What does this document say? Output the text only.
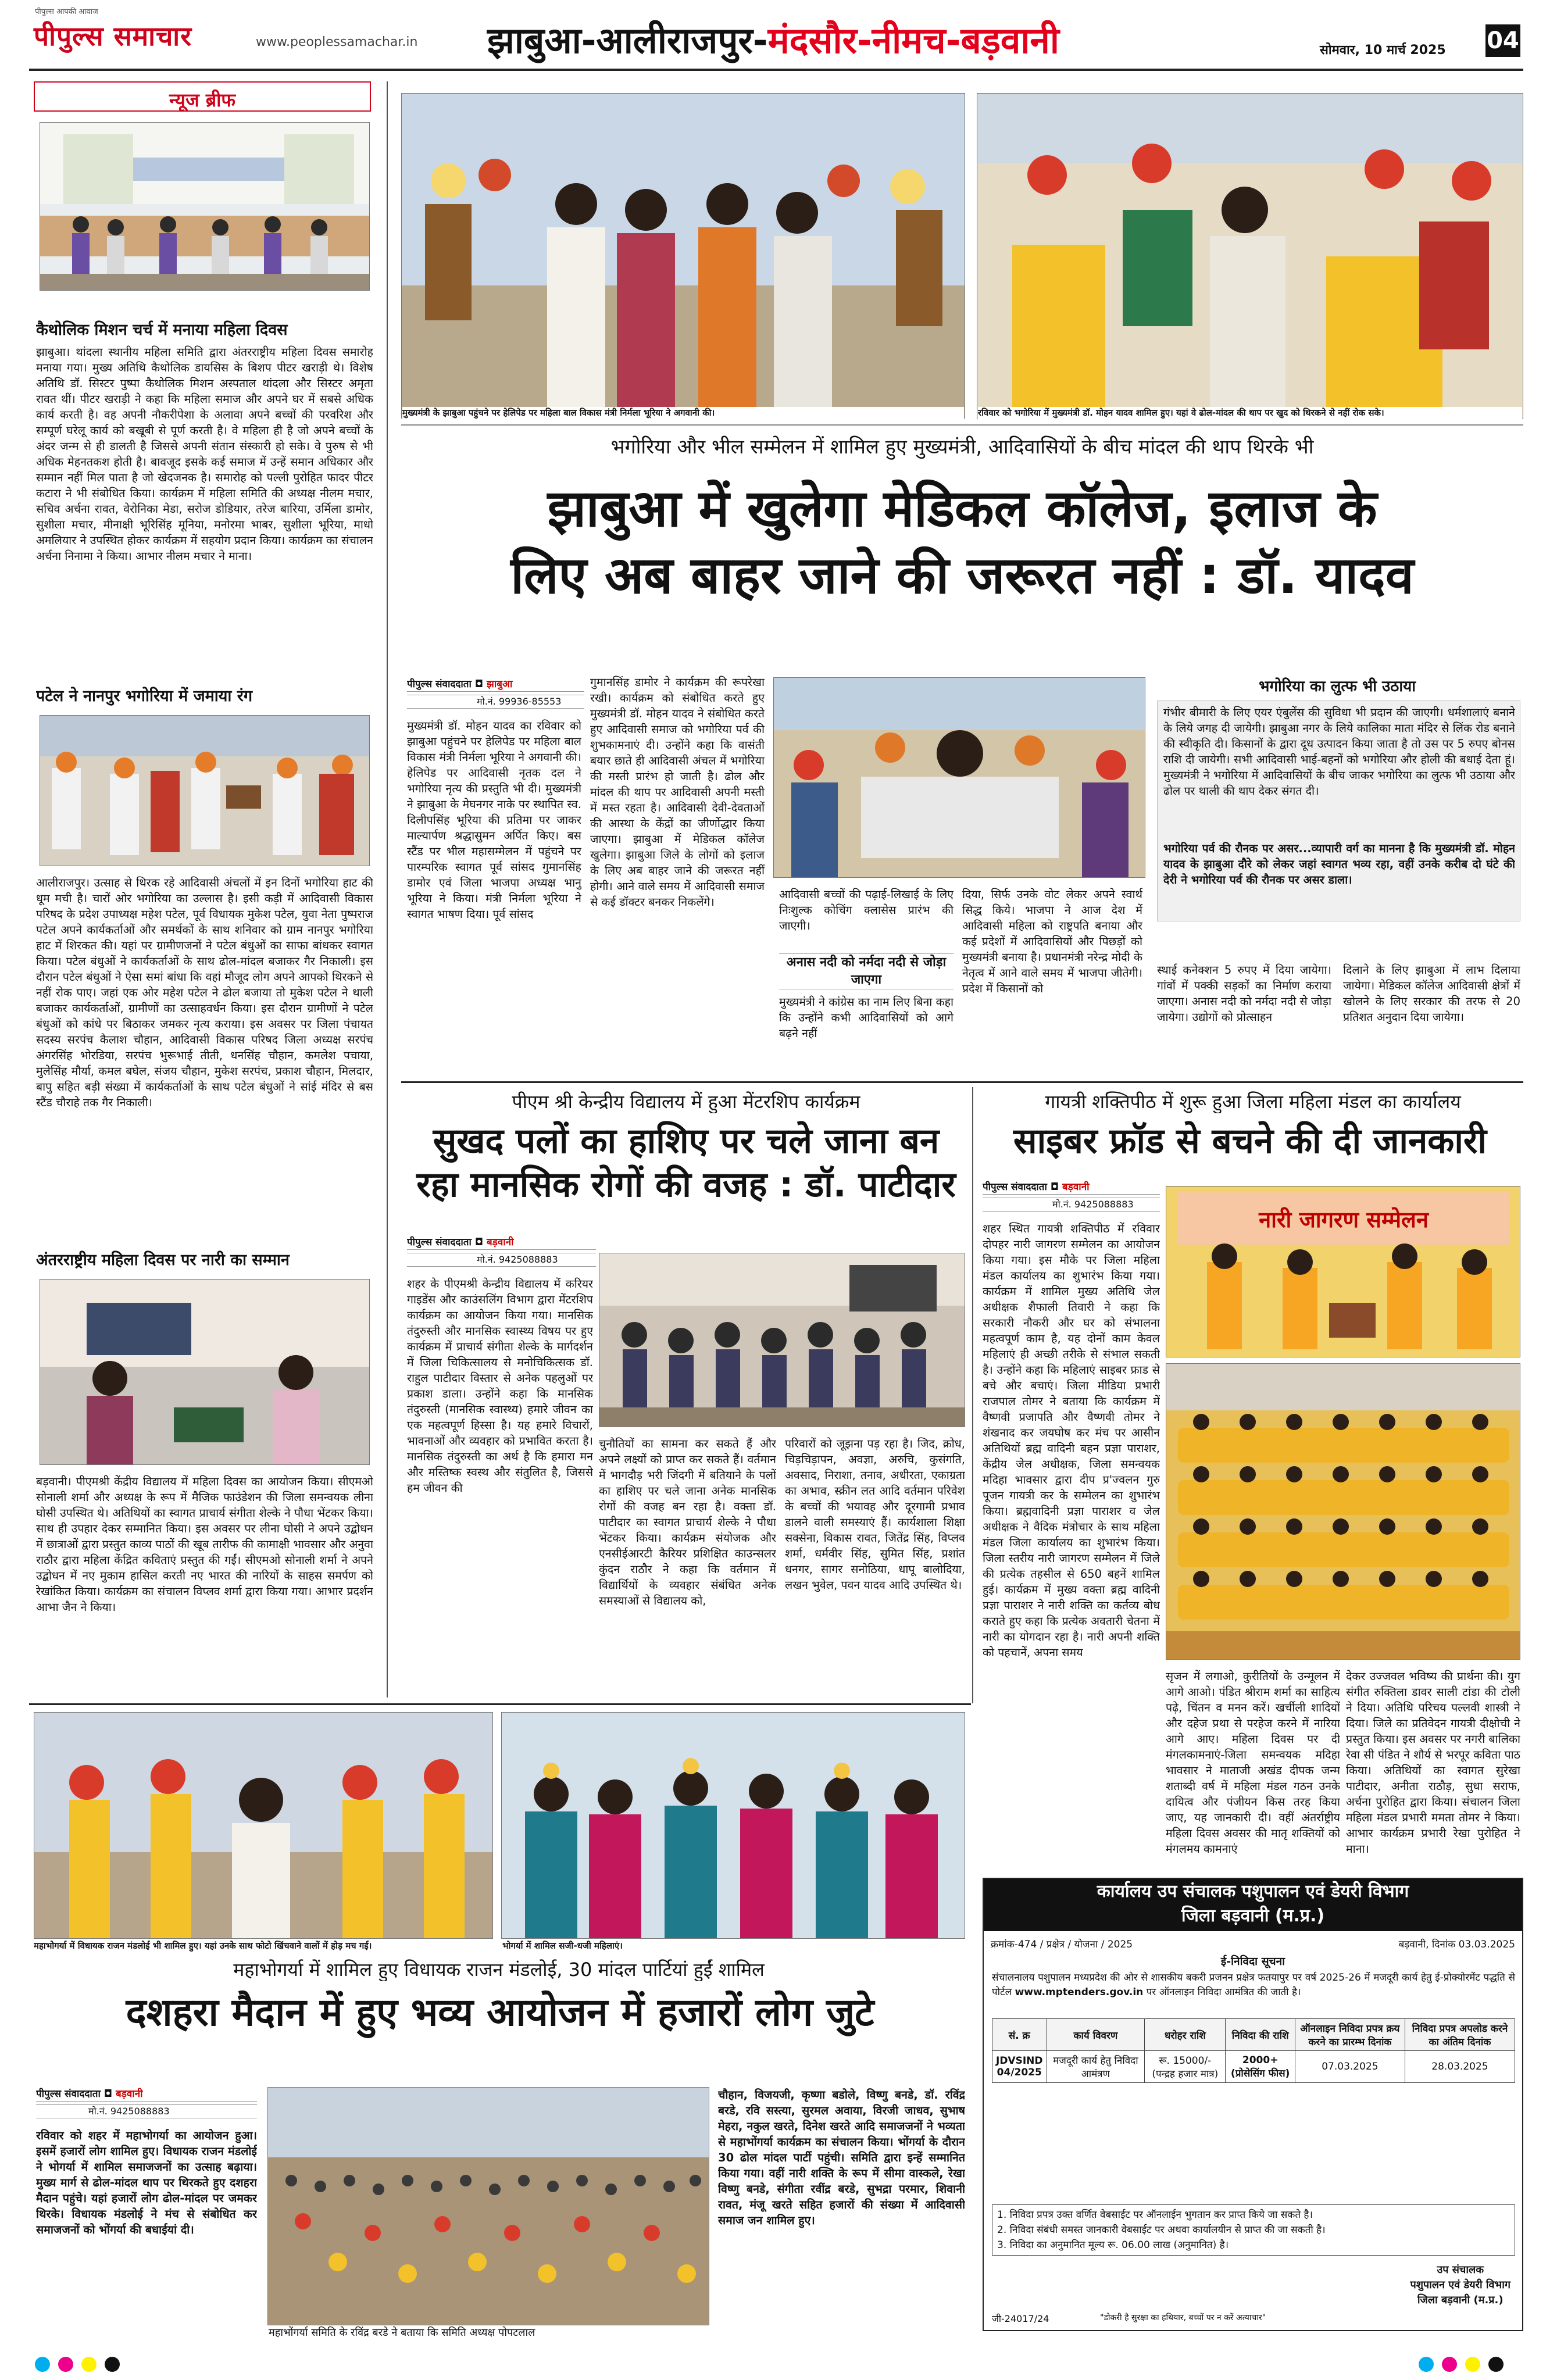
पीपुल्स आपकी आवाज
पीपुल्स समाचार	www.peoplessamachar.in झाबुआ-आलीराजपुर-मंदसौर-नीमच-बड़वानी	सोमवार, 10 मार्च 2025 04
न्यूज ब्रीफ
कैथोलिक मिशन चर्च में मनाया महिला दिवस
झाबुआ। थांदला स्थानीय महिला समिति द्वारा अंतरराष्ट्रीय महिला दिवस समारोह मनाया गया। मुख्य अतिथि कैथोलिक डायसिस के बिशप पीटर खराड़ी थे। विशेष अतिथि डॉ. सिस्टर पुष्पा कैथोलिक मिशन अस्पताल थांदला और सिस्टर अमृता रावत थीं। पीटर खराड़ी ने कहा कि महिला समाज और अपने घर में सबसे अधिक कार्य करती है। वह अपनी नौकरीपेशा के अलावा अपने बच्चों की परवरिश और सम्पूर्ण घरेलू कार्य को बखूबी से पूर्ण करती है। वे महिला ही है जो अपने बच्चों के अंदर जन्म से ही डालती है जिससे अपनी संतान संस्कारी हो सके। वे पुरुष से भी अधिक मेहनतकश होती है। बावजूद इसके कई समाज में उन्हें समान अधिकार और सम्मान नहीं मिल पाता है जो खेदजनक है। समारोह को पल्ली पुरोहित फादर पीटर कटारा ने भी संबोधित किया। कार्यक्रम में महिला समिति की अध्यक्ष नीलम मचार, सचिव अर्चना रावत, वेरोनिका मेडा, सरोज डोडियार, तरेज बारिया, उर्मिला डामोर, सुशीला मचार, मीनाक्षी भूरिसिंह मूनिया, मनोरमा भाबर, सुशीला भूरिया, माधो अमलियार ने उपस्थित होकर कार्यक्रम में सहयोग प्रदान किया। कार्यक्रम का संचालन अर्चना निनामा ने किया। आभार नीलम मचार ने माना।
पटेल ने नानपुर भगोरिया में जमाया रंग
आलीराजपुर। उत्साह से थिरक रहे आदिवासी अंचलों में इन दिनों भगोरिया हाट की धूम मची है। चारों ओर भगोरिया का उल्लास है। इसी कड़ी में आदिवासी विकास परिषद के प्रदेश उपाध्यक्ष महेश पटेल, पूर्व विधायक मुकेश पटेल, युवा नेता पुष्पराज पटेल अपने कार्यकर्ताओं और समर्थकों के साथ शनिवार को ग्राम नानपुर भगोरिया हाट में शिरकत की। यहां पर ग्रामीणजनों ने पटेल बंधुओं का साफा बांधकर स्वागत किया। पटेल बंधुओं ने कार्यकर्ताओं के साथ ढोल-मांदल बजाकर गैर निकाली। इस दौरान पटेल बंधुओं ने ऐसा समां बांधा कि वहां मौजूद लोग अपने आपको थिरकने से नहीं रोक पाए। जहां एक ओर महेश पटेल ने ढोल बजाया तो मुकेश पटेल ने थाली बजाकर कार्यकर्ताओं, ग्रामीणों का उत्साहवर्धन किया। इस दौरान ग्रामीणों ने पटेल बंधुओं को कांधे पर बिठाकर जमकर नृत्य कराया। इस अवसर पर जिला पंचायत सदस्य सरपंच कैलाश चौहान, आदिवासी विकास परिषद जिला अध्यक्ष सरपंच अंगरसिंह भोरडिया, सरपंच भुरूभाई तीती, धनसिंह चौहान, कमलेश पचाया, मुलेसिंह मौर्या, कमल बघेल, संजय चौहान, मुकेश सरपंच, प्रकाश चौहान, मिलदार, बापु सहित बड़ी संख्या में कार्यकर्ताओं के साथ पटेल बंधुओं ने सांई मंदिर से बस स्टैंड चौराहे तक गैर निकाली।
अंतरराष्ट्रीय महिला दिवस पर नारी का सम्मान
बड़वानी। पीएमश्री केंद्रीय विद्यालय में महिला दिवस का आयोजन किया। सीएमओ सोनाली शर्मा और अध्यक्ष के रूप में मैजिक फाउंडेशन की जिला समन्वयक लीना घोसी उपस्थित थे। अतिथियों का स्वागत प्राचार्य संगीता शेल्के ने पौधा भेंटकर किया। साथ ही उपहार देकर सम्मानित किया। इस अवसर पर लीना घोसी ने अपने उद्बोधन में छात्राओं द्वारा प्रस्तुत काव्य पाठों की खूब तारीफ की कामाक्षी भावसार और अनुवा राठौर द्वारा महिला केंद्रित कविताएं प्रस्तुत की गईं। सीएमओ सोनाली शर्मा ने अपने उद्बोधन में नए मुकाम हासिल करती नए भारत की नारियों के साहस समर्पण को रेखांकित किया। कार्यक्रम का संचालन विप्लव शर्मा द्वारा किया गया। आभार प्रदर्शन आभा जैन ने किया।
मुख्यमंत्री के झाबुआ पहुंचने पर हेलिपेड पर महिला बाल विकास मंत्री निर्मला भूरिया ने अगवानी की।	रविवार को भगोरिया में मुख्यमंत्री डॉ. मोहन यादव शामिल हुए। यहां वे ढोल-मांदल की थाप पर खुद को थिरकने से नहीं रोक सके।
भगोरिया और भील सम्मेलन में शामिल हुए मुख्यमंत्री, आदिवासियों के बीच मांदल की थाप थिरके भी
झाबुआ में खुलेगा मेडिकल कॉलेज, इलाज के
लिए अब बाहर जाने की जरूरत नहीं : डॉ. यादव
पीपुल्स संवाददाता ◘ झाबुआ
मो.नं. 99936-85553
मुख्यमंत्री डॉ. मोहन यादव का रविवार को झाबुआ पहुंचने पर हेलिपेड पर महिला बाल विकास मंत्री निर्मला भूरिया ने अगवानी की। हेलिपेड पर आदिवासी नृतक दल ने भगोरिया नृत्य की प्रस्तुति भी दी। मुख्यमंत्री ने झाबुआ के मेघनगर नाके पर स्थापित स्व. दिलीपसिंह भूरिया की प्रतिमा पर जाकर माल्यार्पण श्रद्धासुमन अर्पित किए। बस स्टैंड पर भील महासम्मेलन में पहुंचने पर पारम्परिक स्वागत पूर्व सांसद गुमानसिंह डामोर एवं जिला भाजपा अध्यक्ष भानु भूरिया ने किया। मंत्री निर्मला भूरिया ने स्वागत भाषण दिया। पूर्व सांसद
गुमानसिंह डामोर ने कार्यक्रम की रूपरेखा रखी। कार्यक्रम को संबोधित करते हुए मुख्यमंत्री डॉ. मोहन यादव ने संबोधित करते हुए आदिवासी समाज को भगोरिया पर्व की शुभकामनाएं दी। उन्होंने कहा कि वासंती बयार छाते ही आदिवासी अंचल में भगोरिया की मस्ती प्रारंभ हो जाती है। ढोल और मांदल की थाप पर आदिवासी अपनी मस्ती में मस्त रहता है। आदिवासी देवी-देवताओं की आस्था के केंद्रों का जीर्णोद्धार किया जाएगा। झाबुआ में मेडिकल कॉलेज खुलेगा। झाबुआ जिले के लोगों को इलाज के लिए अब बाहर जाने की जरूरत नहीं होगी। आने वाले समय में आदिवासी समाज से कई डॉक्टर बनकर निकलेंगे।
आदिवासी बच्चों की पढ़ाई-लिखाई के लिए निःशुल्क कोचिंग क्लासेस प्रारंभ की जाएगी।
अनास नदी को नर्मदा नदी से जोड़ा जाएगा
मुख्यमंत्री ने कांग्रेस का नाम लिए बिना कहा कि उन्होंने कभी आदिवासियों को आगे बढ़ने नहीं
दिया, सिर्फ उनके वोट लेकर अपने स्वार्थ सिद्ध किये। भाजपा ने आज देश में आदिवासी महिला को राष्ट्रपति बनाया और कई प्रदेशों में आदिवासियों और पिछड़ों को मुख्यमंत्री बनाया है। प्रधानमंत्री नरेन्द्र मोदी के नेतृत्व में आने वाले समय में भाजपा जीतेगी। प्रदेश में किसानों को
भगोरिया का लुत्फ भी उठाया
गंभीर बीमारी के लिए एयर एंबुलेंस की सुविधा भी प्रदान की जाएगी। धर्मशालाएं बनाने के लिये जगह दी जायेगी। झाबुआ नगर के लिये कालिका माता मंदिर से लिंक रोड बनाने की स्वीकृति दी। किसानों के द्वारा दूध उत्पादन किया जाता है तो उस पर 5 रुपए बोनस राशि दी जायेगी। सभी आदिवासी भाई-बहनों को भगोरिया और होली की बधाई देता हूं। मुख्यमंत्री ने भगोरिया में आदिवासियों के बीच जाकर भगोरिया का लुत्फ भी उठाया और ढोल पर थाली की थाप देकर संगत दी।
भगोरिया पर्व की रौनक पर असर...व्यापारी वर्ग का मानना है कि मुख्यमंत्री डॉ. मोहन यादव के झाबुआ दौरे को लेकर जहां स्वागत भव्य रहा, वहीं उनके करीब दो घंटे की देरी ने भगोरिया पर्व की रौनक पर असर डाला।
स्थाई कनेक्शन 5 रुपए में दिया जायेगा। गांवों में पक्की सड़कों का निर्माण कराया जाएगा। अनास नदी को नर्मदा नदी से जोड़ा जायेगा। उद्योगों को प्रोत्साहन
दिलाने के लिए झाबुआ में लाभ दिलाया जायेगा। मेडिकल कॉलेज आदिवासी क्षेत्रों में खोलने के लिए सरकार की तरफ से 20 प्रतिशत अनुदान दिया जायेगा।
पीएम श्री केन्द्रीय विद्यालय में हुआ मेंटरशिप कार्यक्रम
सुखद पलों का हाशिए पर चले जाना बन
रहा मानसिक रोगों की वजह : डॉ. पाटीदार
पीपुल्स संवाददाता ◘ बड़वानी
मो.नं. 9425088883
शहर के पीएमश्री केन्द्रीय विद्यालय में करियर गाइडेंस और काउंसलिंग विभाग द्वारा मेंटरशिप कार्यक्रम का आयोजन किया गया। मानसिक तंदुरुस्ती और मानसिक स्वास्थ्य विषय पर हुए कार्यक्रम में प्राचार्य संगीता शेल्के के मार्गदर्शन में जिला चिकित्सालय से मनोचिकित्सक डॉ. राहुल पाटीदार विस्तार से अनेक पहलुओं पर प्रकाश डाला। उन्होंने कहा कि मानसिक तंदुरुस्ती (मानसिक स्वास्थ्य) हमारे जीवन का एक महत्वपूर्ण हिस्सा है। यह हमारे विचारों, भावनाओं और व्यवहार को प्रभावित करता है। मानसिक तंदुरुस्ती का अर्थ है कि हमारा मन और मस्तिष्क स्वस्थ और संतुलित है, जिससे हम जीवन की
चुनौतियों का सामना कर सकते हैं और अपने लक्ष्यों को प्राप्त कर सकते हैं। वर्तमान में भागदौड़ भरी जिंदगी में बतियाने के पलों का हाशिए पर चले जाना अनेक मानसिक रोगों की वजह बन रहा है। वक्ता डॉ. पाटीदार का स्वागत प्राचार्य शेल्के ने पौधा भेंटकर किया। कार्यक्रम संयोजक और एनसीईआरटी कैरियर प्रशिक्षित काउन्सलर कुंदन राठौर ने कहा कि वर्तमान में विद्यार्थियों के व्यवहार संबंधित अनेक समस्याओं से विद्यालय को,
परिवारों को जूझना पड़ रहा है। जिद, क्रोध, चिड़चिड़ापन, अवज्ञा, अरुचि, कुसंगति, अवसाद, निराशा, तनाव, अधीरता, एकाग्रता का अभाव, स्क्रीन लत आदि वर्तमान परिवेश के बच्चों की भयावह और दूरगामी प्रभाव डालने वाली समस्याएं हैं। कार्यशाला शिक्षा सक्सेना, विकास रावत, जितेंद्र सिंह, विप्लव शर्मा, धर्मवीर सिंह, सुमित सिंह, प्रशांत धनगर, सागर सनोठिया, धापू बालोदिया, लखन भुवेल, पवन यादव आदि उपस्थित थे।
गायत्री शक्तिपीठ में शुरू हुआ जिला महिला मंडल का कार्यालय
साइबर फ्रॉड से बचने की दी जानकारी
पीपुल्स संवाददाता ◘ बड़वानी
मो.नं. 9425088883
शहर स्थित गायत्री शक्तिपीठ में रविवार दोपहर नारी जागरण सम्मेलन का आयोजन किया गया। इस मौके पर जिला महिला मंडल कार्यालय का शुभारंभ किया गया। कार्यक्रम में शामिल मुख्य अतिथि जेल अधीक्षक शैफाली तिवारी ने कहा कि सरकारी नौकरी और घर को संभालना महत्वपूर्ण काम है, यह दोनों काम केवल महिलाएं ही अच्छी तरीके से संभाल सकती है। उन्होंने कहा कि महिलाएं साइबर फ्राड से बचे और बचाएं। जिला मीडिया प्रभारी राजपाल तोमर ने बताया कि कार्यक्रम में वैष्णवी प्रजापति और वैष्णवी तोमर ने शंखनाद कर जयघोष कर मंच पर आसीन अतिथियों ब्रह्म वादिनी बहन प्रज्ञा पाराशर, केंद्रीय जेल अधीक्षक, जिला समन्वयक मदिहा भावसार द्वारा दीप प्र'ज्वलन गुरु पूजन गायत्री कर के सम्मेलन का शुभारंभ किया। ब्रह्मवादिनी प्रज्ञा पाराशर व जेल अधीक्षक ने वैदिक मंत्रोचार के साथ महिला मंडल जिला कार्यालय का शुभारंभ किया। जिला स्तरीय नारी जागरण सम्मेलन में जिले की प्रत्येक तहसील से 650 बहनें शामिल हुई। कार्यक्रम में मुख्य वक्ता ब्रह्म वादिनी प्रज्ञा पाराशर ने नारी शक्ति का कर्तव्य बोध कराते हुए कहा कि प्रत्येक अवतारी चेतना में नारी का योगदान रहा है। नारी अपनी शक्ति को पहचानें, अपना समय
नारी जागरण सम्मेलन
सृजन में लगाओ, कुरीतियों के उन्मूलन में आगे आओ। पंडित श्रीराम शर्मा का साहित्य पढ़े, चिंतन व मनन करें। खर्चीली शादियों और दहेज प्रथा से परहेज करने में नारिया आगे आए। महिला दिवस पर दी मंगलकामनाएं-जिला समन्वयक मदिहा भावसार ने माताजी अखंड दीपक जन्म शताब्दी वर्ष में महिला मंडल गठन उनके दायित्व और पंजीयन किस तरह किया जाए, यह जानकारी दी। वहीं अंतर्राष्ट्रीय महिला दिवस अवसर की मातृ शक्तियों को मंगलमय कामनाएं
देकर उज्जवल भविष्य की प्रार्थना की। युग संगीत रुक्तिला डावर साली टांडा की टोली ने दिया। अतिथि परिचय पल्लवी शास्त्री ने दिया। जिले का प्रतिवेदन गायत्री दीक्षोची ने प्रस्तुत किया। इस अवसर पर नगरी बालिका रेवा सी पंडित ने शौर्य से भरपूर कविता पाठ किया। अतिथियों का स्वागत सुरेखा पाटीदार, अनीता राठौड़, सुधा सराफ, अर्चना पुरोहित द्वारा किया। संचालन जिला महिला मंडल प्रभारी ममता तोमर ने किया। आभार कार्यक्रम प्रभारी रेखा पुरोहित ने माना।
महाभोगर्या में विधायक राजन मंडलोई भी शामिल हुए। यहां उनके साथ फोटो खिंचवाने वालों में होड़ मच गई।	भोगर्या में शामिल सजी-धजी महिलाएं।
महाभोगर्या में शामिल हुए विधायक राजन मंडलोई, 30 मांदल पार्टियां हुईं शामिल
दशहरा मैदान में हुए भव्य आयोजन में हजारों लोग जुटे
पीपुल्स संवाददाता ◘ बड़वानी
मो.नं. 9425088883
रविवार को शहर में महाभोगर्या का आयोजन हुआ। इसमें हजारों लोग शामिल हुए। विधायक राजन मंडलोई ने भोगर्या में शामिल समाजजनों का उत्साह बढ़ाया। मुख्य मार्ग से ढोल-मांदल थाप पर थिरकते हुए दशहरा मैदान पहुंचे। यहां हजारों लोग ढोल-मांदल पर जमकर थिरके। विधायक मंडलोई ने मंच से संबोधित कर समाजजनों को भोंगर्या की बधाईयां दी।
महाभोंगर्या समिति के रविंद्र बरडे ने बताया कि समिति अध्यक्ष पोपटलाल
चौहान, विजयजी, कृष्णा बडोले, विष्णु बनडे, डॉ. रविंद्र बरडे, रवि सस्त्या, सुरमल अवाया, विरजी जाधव, सुभाष मेहरा, नकुल खरते, दिनेश खरते आदि समाजजनों ने भव्यता से महाभोंगर्या कार्यक्रम का संचालन किया। भोंगर्या के दौरान 30 ढोल मांदल पार्टी पहुंची। समिति द्वारा इन्हें सम्मानित किया गया। वहीं नारी शक्ति के रूप में सीमा वास्कले, रेखा विष्णु बनडे, संगीता रवींद्र बरडे, सुभद्रा परमार, शिवानी रावत, मंजू खरते सहित हजारों की संख्या में आदिवासी समाज जन शामिल हुए।
कार्यालय उप संचालक पशुपालन एवं डेयरी विभाग
जिला बड़वानी (म.प्र.)
क्रमांक-474 / प्रक्षेत्र / योजना / 2025	बड़वानी, दिनांक 03.03.2025
ई-निविदा सूचना
संचालनालय पशुपालन मध्यप्रदेश की ओर से शासकीय बकरी प्रजनन प्रक्षेत्र फतयापुर पर वर्ष 2025-26 में मजदूरी कार्य हेतु ई-प्रोक्योरमेंट पद्धति से पोर्टल www.mptenders.gov.in पर ऑनलाइन निविदा आमंत्रित की जाती है।
सं. क्र	कार्य विवरण	धरोहर राशि	निविदा की राशि	ऑनलाइन निविदा प्रपत्र क्रय करने का प्रारम्भ दिनांक	निविदा प्रपत्र अपलोड करने का अंतिम दिनांक
JDVSIND 04/2025	मजदूरी कार्य हेतु निविदा आमंत्रण	रू. 15000/- (पन्द्रह हजार मात्र)	2000+ (प्रोसेसिंग फीस)	07.03.2025	28.03.2025
1. निविदा प्रपत्र उक्त वर्णित वेबसाईट पर ऑनलाईन भुगतान कर प्राप्त किये जा सकते है।
2. निविदा संबंधी समस्त जानकारी वेबसाईट पर अथवा कार्यालयीन से प्राप्त की जा सकती है।
3. निविदा का अनुमानित मूल्य रू. 06.00 लाख (अनुमानित) है।
उप संचालक
पशुपालन एवं डेयरी विभाग
जिला बड़वानी (म.प्र.)
जी-24017/24	"डोकरी है सुरक्षा का हथियार, बच्चों पर न करें अत्याचार"
